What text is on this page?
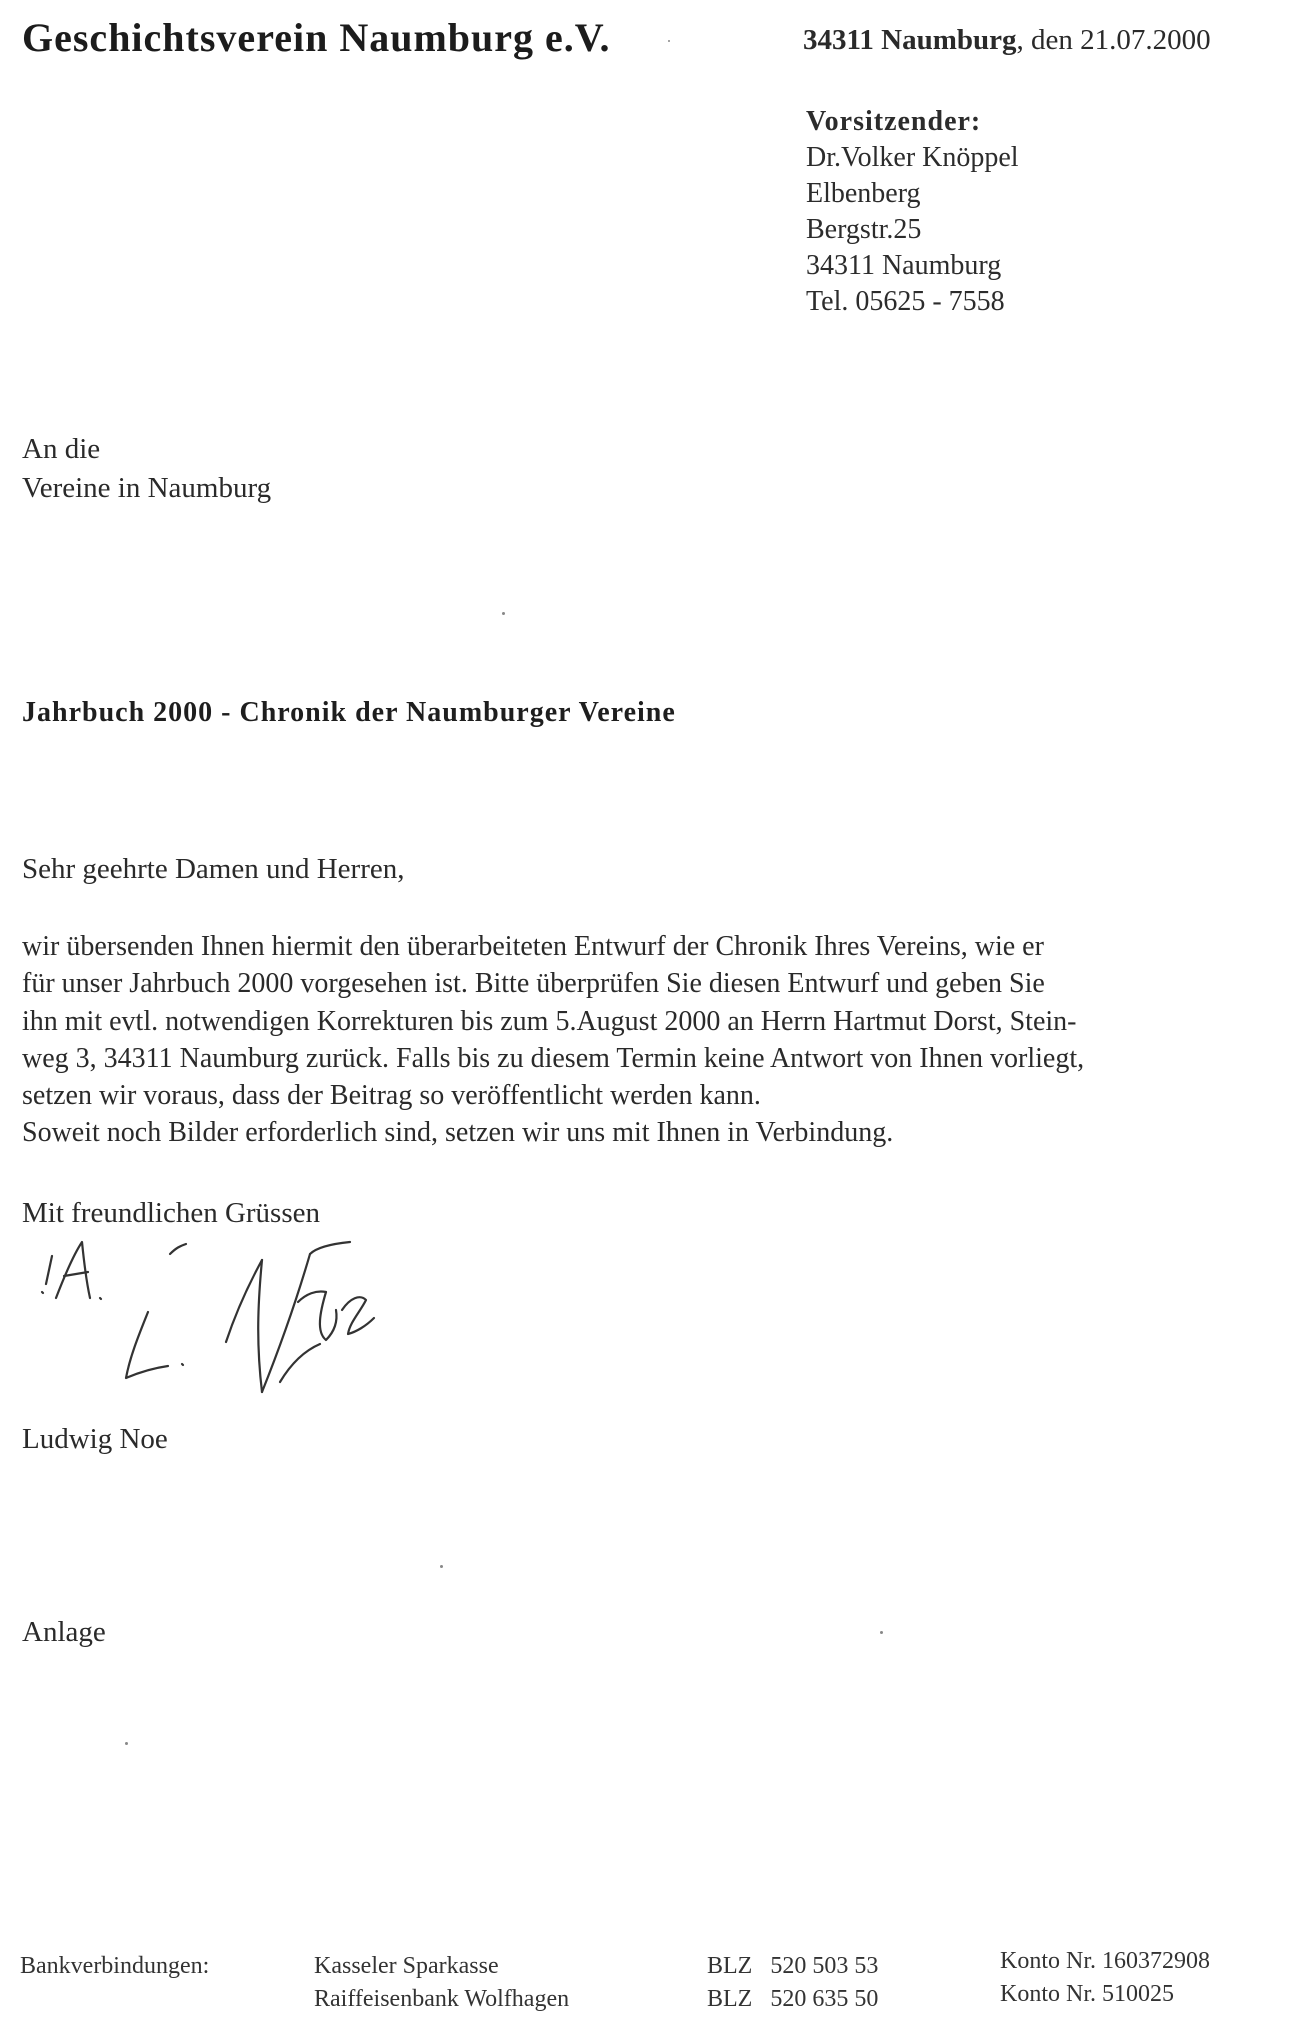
Geschichtsverein Naumburg e.V.	34311 Naumburg, den 21.07.2000
Vorsitzender:
Dr.Volker Knöppel
Elbenberg
Bergstr.25
34311 Naumburg
Tel. 05625 - 7558
An die
Vereine in Naumburg
Jahrbuch 2000 - Chronik der Naumburger Vereine
Sehr geehrte Damen und Herren,
wir übersenden Ihnen hiermit den überarbeiteten Entwurf der Chronik Ihres Vereins, wie er
für unser Jahrbuch 2000 vorgesehen ist. Bitte überprüfen Sie diesen Entwurf und geben Sie
ihn mit evtl. notwendigen Korrekturen bis zum 5.August 2000 an Herrn Hartmut Dorst, Stein-
weg 3, 34311 Naumburg zurück. Falls bis zu diesem Termin keine Antwort von Ihnen vorliegt,
setzen wir voraus, dass der Beitrag so veröffentlicht werden kann.
Soweit noch Bilder erforderlich sind, setzen wir uns mit Ihnen in Verbindung.
Mit freundlichen Grüssen
Ludwig Noe
Anlage
Bankverbindungen:	Kasseler Sparkasse
Raiffeisenbank Wolfhagen
BLZ   520 503 53
BLZ   520 635 50
Konto Nr. 160372908
Konto Nr. 510025
